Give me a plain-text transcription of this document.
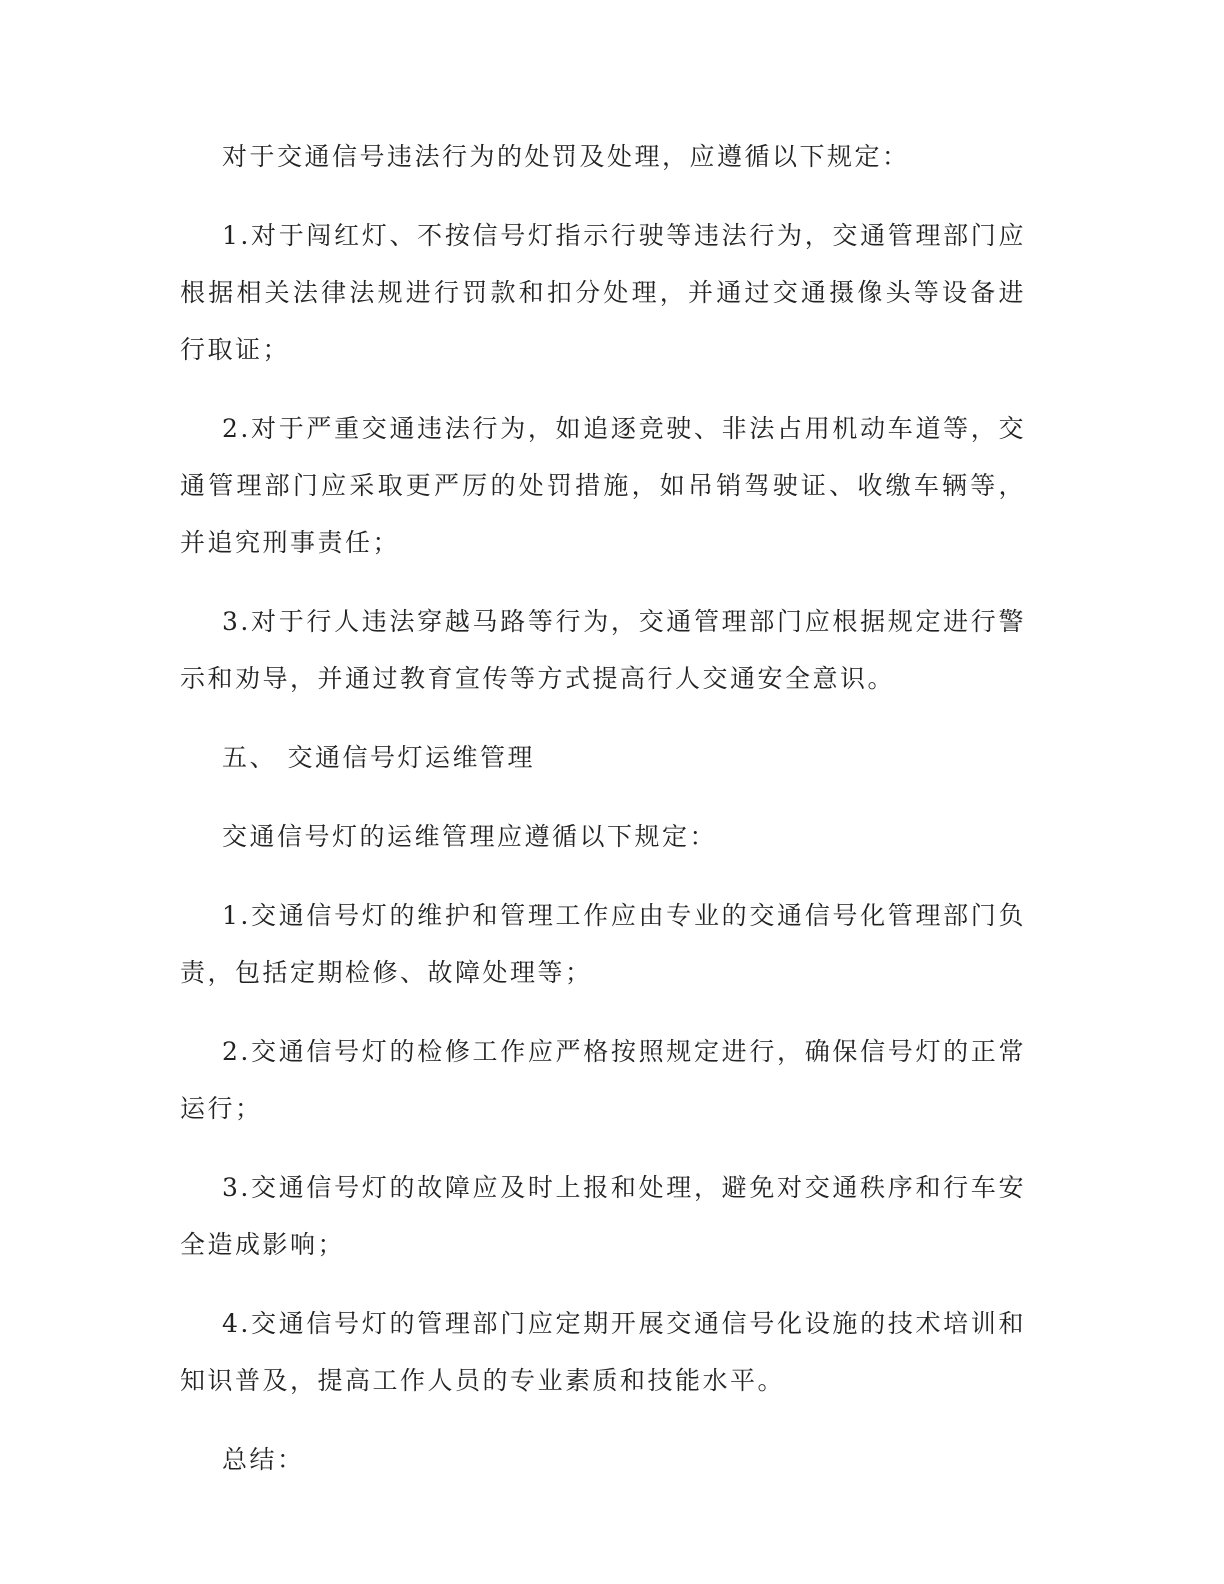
对于交通信号违法行为的处罚及处理，应遵循以下规定：

1.对于闯红灯、不按信号灯指示行驶等违法行为，交通管理部门应根据相关法律法规进行罚款和扣分处理，并通过交通摄像头等设备进行取证；

2.对于严重交通违法行为，如追逐竞驶、非法占用机动车道等，交通管理部门应采取更严厉的处罚措施，如吊销驾驶证、收缴车辆等，并追究刑事责任；

3.对于行人违法穿越马路等行为，交通管理部门应根据规定进行警示和劝导，并通过教育宣传等方式提高行人交通安全意识。

五、 交通信号灯运维管理

交通信号灯的运维管理应遵循以下规定：

1.交通信号灯的维护和管理工作应由专业的交通信号化管理部门负责，包括定期检修、故障处理等；

2.交通信号灯的检修工作应严格按照规定进行，确保信号灯的正常运行；

3.交通信号灯的故障应及时上报和处理，避免对交通秩序和行车安全造成影响；

4.交通信号灯的管理部门应定期开展交通信号化设施的技术培训和知识普及，提高工作人员的专业素质和技能水平。

总结：
